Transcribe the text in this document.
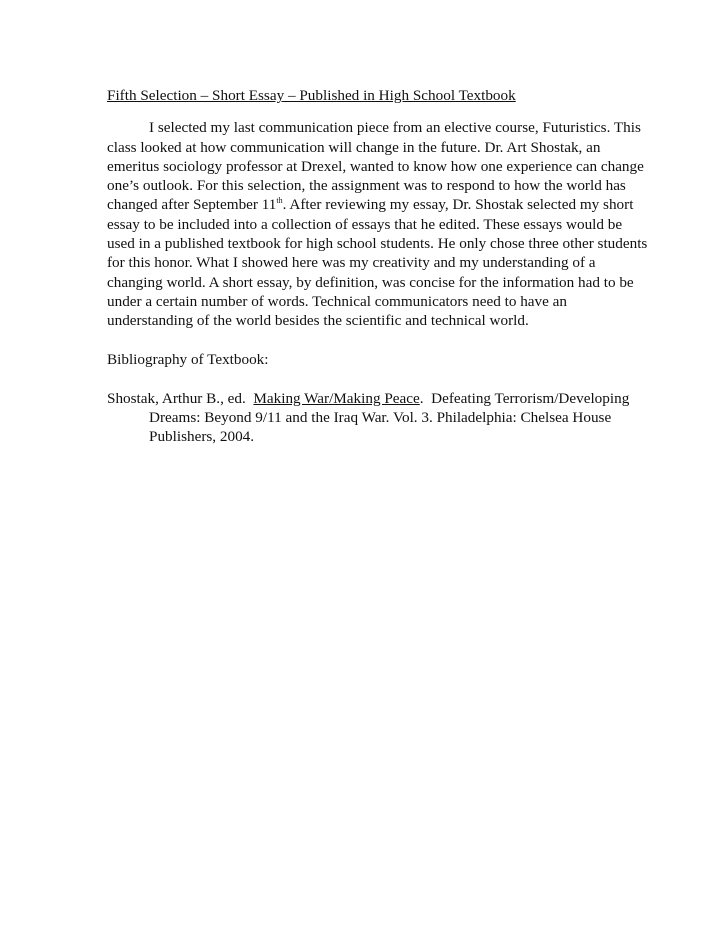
Fifth Selection – Short Essay – Published in High School Textbook

I selected my last communication piece from an elective course, Futuristics. This

class looked at how communication will change in the future. Dr. Art Shostak, an

emeritus sociology professor at Drexel, wanted to know how one experience can change

one’s outlook. For this selection, the assignment was to respond to how the world has

changed after September 11th. After reviewing my essay, Dr. Shostak selected my short

essay to be included into a collection of essays that he edited. These essays would be

used in a published textbook for high school students. He only chose three other students

for this honor. What I showed here was my creativity and my understanding of a

changing world. A short essay, by definition, was concise for the information had to be

under a certain number of words. Technical communicators need to have an

understanding of the world besides the scientific and technical world.

Bibliography of Textbook:

Shostak, Arthur B., ed.  Making War/Making Peace.  Defeating Terrorism/Developing

Dreams: Beyond 9/11 and the Iraq War. Vol. 3. Philadelphia: Chelsea House

Publishers, 2004.
